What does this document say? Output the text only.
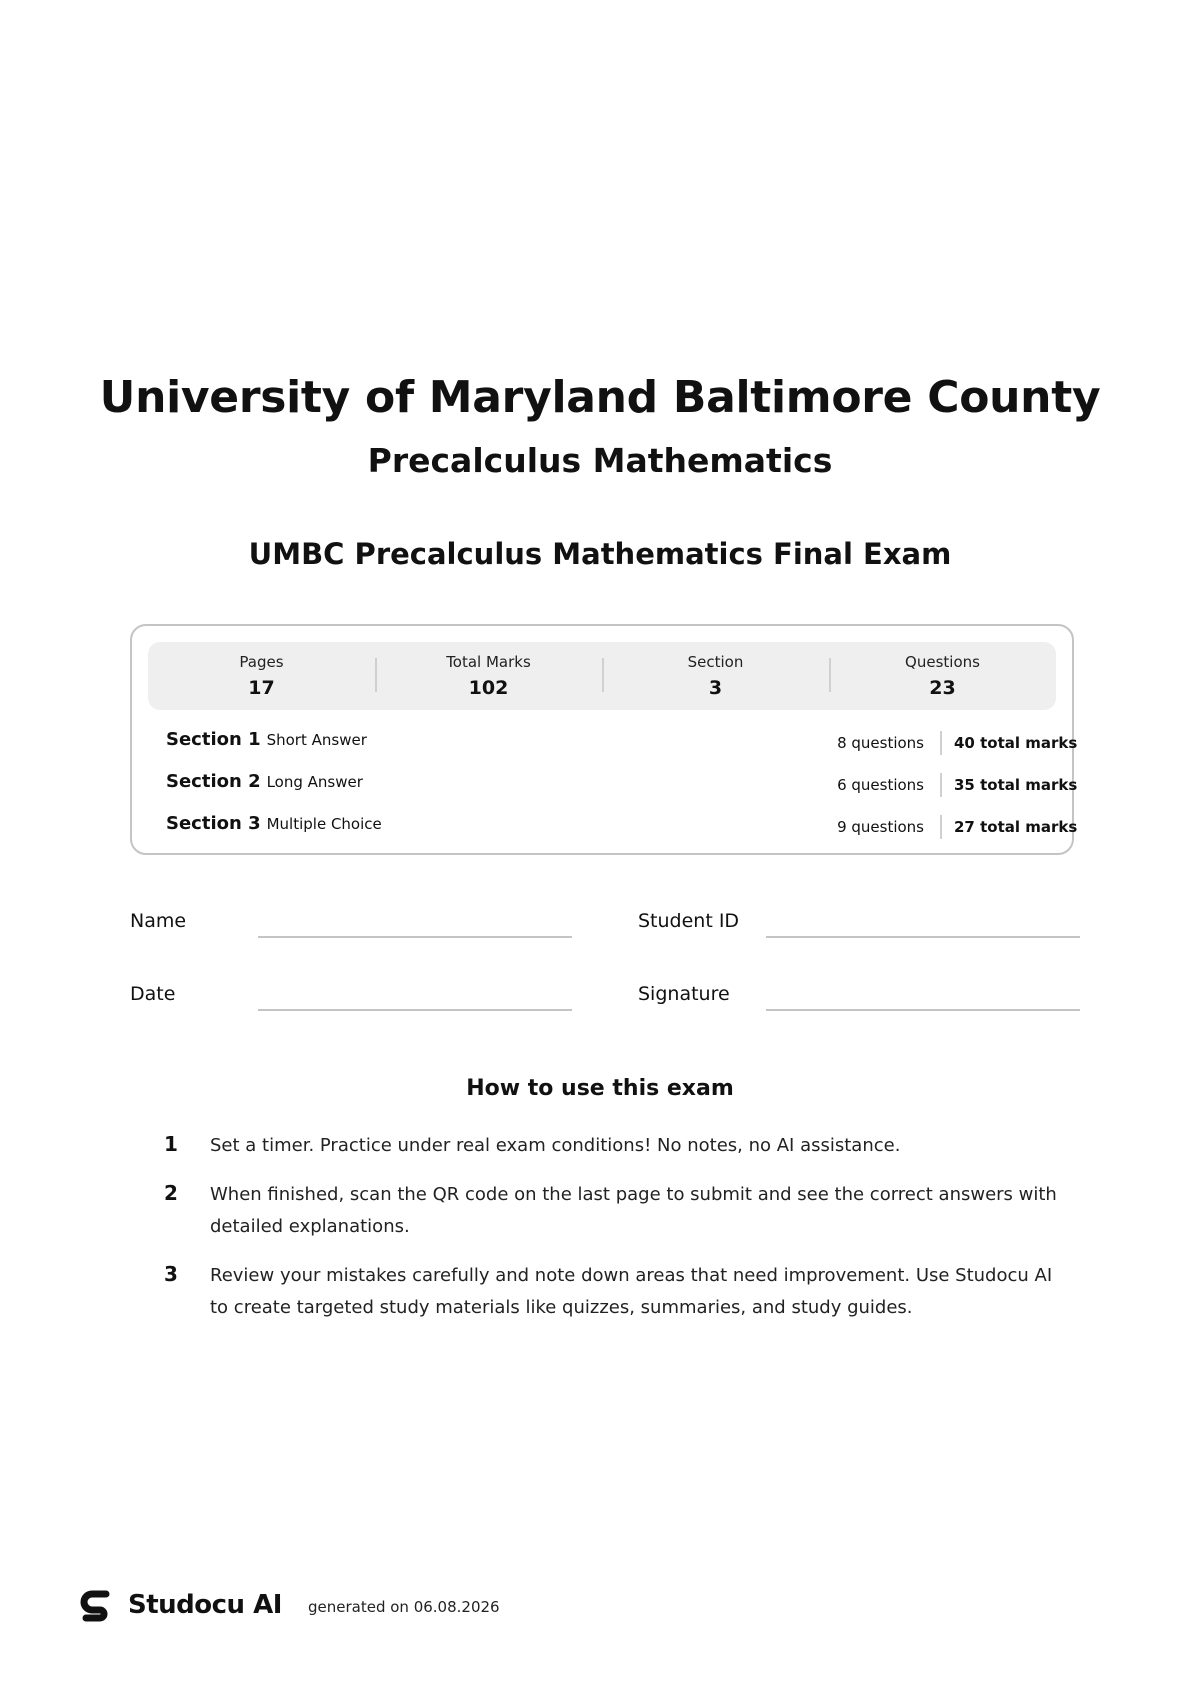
University of Maryland Baltimore County
Precalculus Mathematics
UMBC Precalculus Mathematics Final Exam
Pages
17
Total Marks
102
Section
3
Questions
23
Section 1 Short Answer	8 questions	40 total marks
Section 2 Long Answer	6 questions	35 total marks
Section 3 Multiple Choice	9 questions	27 total marks
Name	Student ID
Date	Signature
How to use this exam
1 Set a timer. Practice under real exam conditions! No notes, no AI assistance.
2 When finished, scan the QR code on the last page to submit and see the correct answers with detailed explanations.
3 Review your mistakes carefully and note down areas that need improvement. Use Studocu AI to create targeted study materials like quizzes, summaries, and study guides.
Studocu AI generated on 06.08.2026
